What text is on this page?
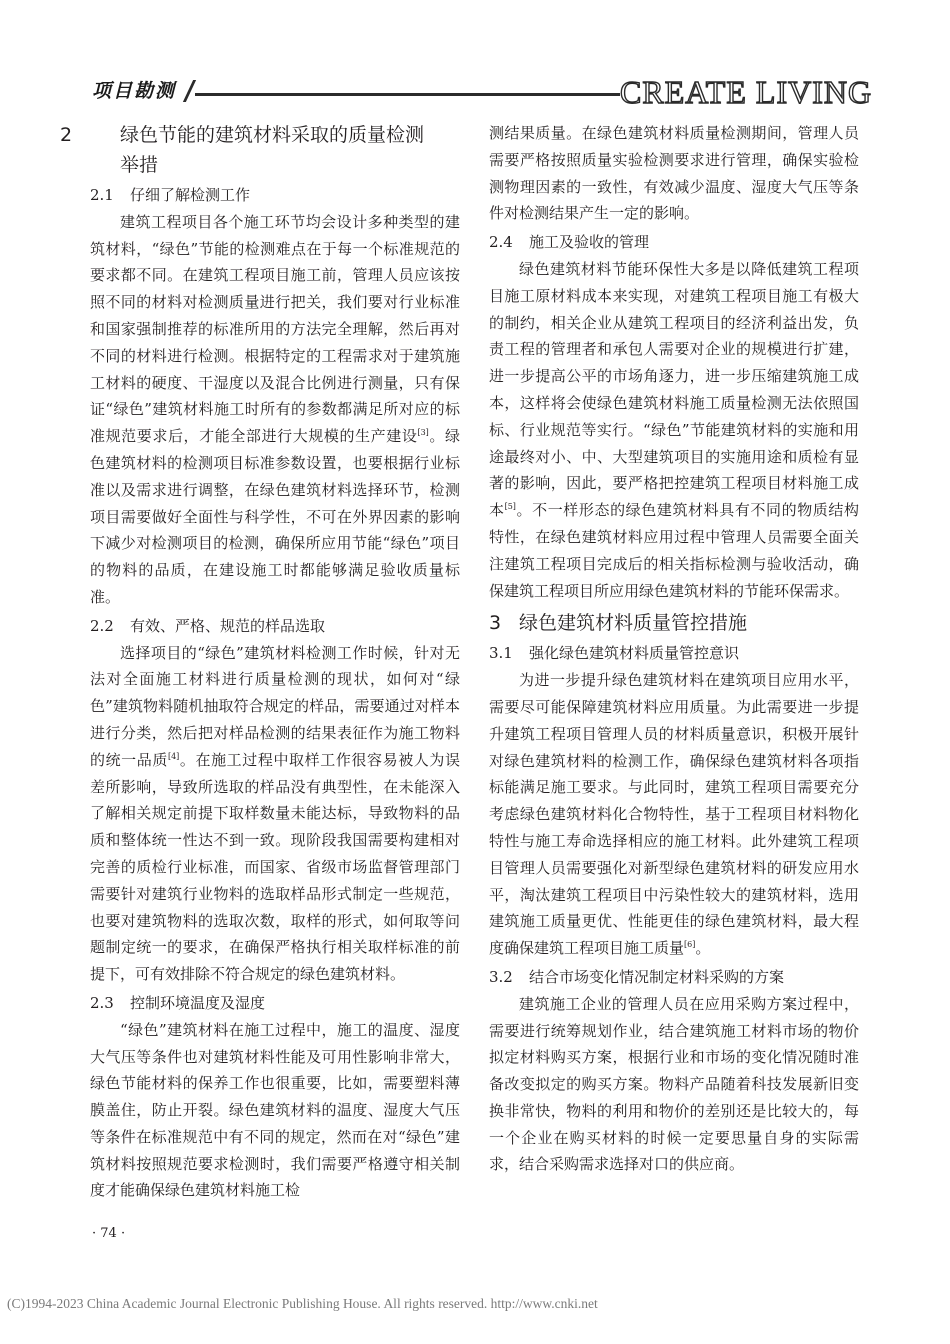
项目勘测	CREATE LIVING
2	绿色节能的建筑材料采取的质量检测
举措
2.1 仔细了解检测工作

建筑工程项目各个施工环节均会设计多种类型的建筑材料，“绿色”节能的检测难点在于每一个标准规范的要求都不同。在建筑工程项目施工前，管理人员应该按照不同的材料对检测质量进行把关，我们要对行业标准和国家强制推荐的标准所用的方法完全理解，然后再对不同的材料进行检测。根据特定的工程需求对于建筑施工材料的硬度、干湿度以及混合比例进行测量，只有保证“绿色”建筑材料施工时所有的参数都满足所对应的标准规范要求后，才能全部进行大规模的生产建设[3]。绿色建筑材料的检测项目标准参数设置，也要根据行业标准以及需求进行调整，在绿色建筑材料选择环节，检测项目需要做好全面性与科学性，不可在外界因素的影响下减少对检测项目的检测，确保所应用节能“绿色”项目的物料的品质，在建设施工时都能够满足验收质量标准。

2.2 有效、严格、规范的样品选取

选择项目的“绿色”建筑材料检测工作时候，针对无法对全面施工材料进行质量检测的现状，如何对“绿色”建筑物料随机抽取符合规定的样品，需要通过对样本进行分类，然后把对样品检测的结果表征作为施工物料的统一品质[4]。在施工过程中取样工作很容易被人为误差所影响，导致所选取的样品没有典型性，在未能深入了解相关规定前提下取样数量未能达标，导致物料的品质和整体统一性达不到一致。现阶段我国需要构建相对完善的质检行业标准，而国家、省级市场监督管理部门需要针对建筑行业物料的选取样品形式制定一些规范，也要对建筑物料的选取次数，取样的形式，如何取等问题制定统一的要求，在确保严格执行相关取样标准的前提下，可有效排除不符合规定的绿色建筑材料。

2.3 控制环境温度及湿度

“绿色”建筑材料在施工过程中，施工的温度、湿度大气压等条件也对建筑材料性能及可用性影响非常大，绿色节能材料的保养工作也很重要，比如，需要塑料薄膜盖住，防止开裂。绿色建筑材料的温度、湿度大气压等条件在标准规范中有不同的规定，然而在对“绿色”建筑材料按照规范要求检测时，我们需要严格遵守相关制度才能确保绿色建筑材料施工检

测结果质量。在绿色建筑材料质量检测期间，管理人员需要严格按照质量实验检测要求进行管理，确保实验检测物理因素的一致性，有效减少温度、湿度大气压等条件对检测结果产生一定的影响。

2.4 施工及验收的管理

绿色建筑材料节能环保性大多是以降低建筑工程项目施工原材料成本来实现，对建筑工程项目施工有极大的制约，相关企业从建筑工程项目的经济利益出发，负责工程的管理者和承包人需要对企业的规模进行扩建，进一步提高公平的市场角逐力，进一步压缩建筑施工成本，这样将会使绿色建筑材料施工质量检测无法依照国标、行业规范等实行。“绿色”节能建筑材料的实施和用途最终对小、中、大型建筑项目的实施用途和质检有显著的影响，因此，要严格把控建筑工程项目材料施工成本[5]。不一样形态的绿色建筑材料具有不同的物质结构特性，在绿色建筑材料应用过程中管理人员需要全面关注建筑工程项目完成后的相关指标检测与验收活动，确保建筑工程项目所应用绿色建筑材料的节能环保需求。

3 绿色建筑材料质量管控措施
3.1 强化绿色建筑材料质量管控意识

为进一步提升绿色建筑材料在建筑项目应用水平，需要尽可能保障建筑材料应用质量。为此需要进一步提升建筑工程项目管理人员的材料质量意识，积极开展针对绿色建筑材料的检测工作，确保绿色建筑材料各项指标能满足施工要求。与此同时，建筑工程项目需要充分考虑绿色建筑材料化合物特性，基于工程项目材料物化特性与施工寿命选择相应的施工材料。此外建筑工程项目管理人员需要强化对新型绿色建筑材料的研发应用水平，淘汰建筑工程项目中污染性较大的建筑材料，选用建筑施工质量更优、性能更佳的绿色建筑材料，最大程度确保建筑工程项目施工质量[6]。

3.2 结合市场变化情况制定材料采购的方案

建筑施工企业的管理人员在应用采购方案过程中，需要进行统筹规划作业，结合建筑施工材料市场的物价拟定材料购买方案，根据行业和市场的变化情况随时准备改变拟定的购买方案。物料产品随着科技发展新旧变换非常快，物料的利用和物价的差别还是比较大的，每一个企业在购买材料的时候一定要思量自身的实际需求，结合采购需求选择对口的供应商。

· 74 ·
(C)1994-2023 China Academic Journal Electronic Publishing House. All rights reserved. http://www.cnki.net
